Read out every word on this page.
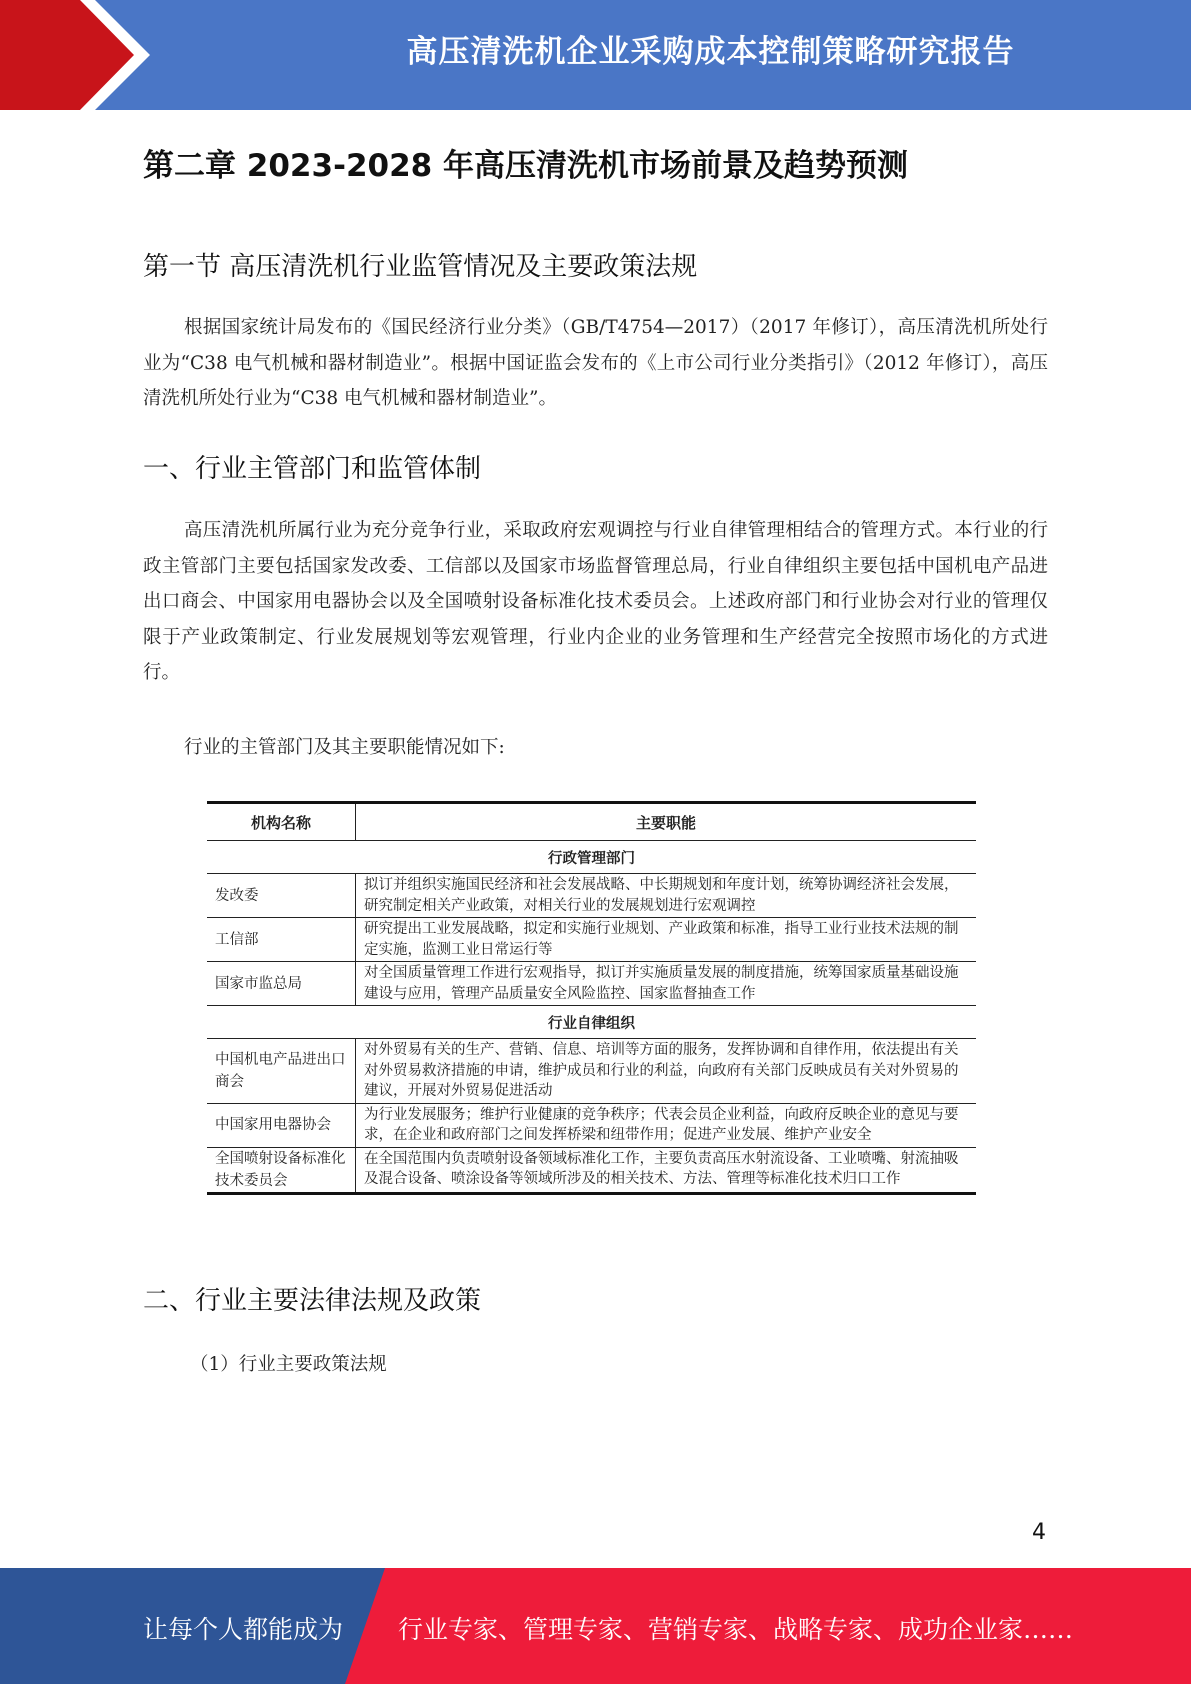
高压清洗机企业采购成本控制策略研究报告
第二章 2023-2028 年高压清洗机市场前景及趋势预测
第一节 高压清洗机行业监管情况及主要政策法规
根据国家统计局发布的《国民经济行业分类》（GB/T4754—2017）（2017 年修订），高压清洗机所处行业为“C38 电气机械和器材制造业”。根据中国证监会发布的《上市公司行业分类指引》（2012 年修订），高压清洗机所处行业为“C38 电气机械和器材制造业”。
一、行业主管部门和监管体制
高压清洗机所属行业为充分竞争行业，采取政府宏观调控与行业自律管理相结合的管理方式。本行业的行政主管部门主要包括国家发改委、工信部以及国家市场监督管理总局，行业自律组织主要包括中国机电产品进出口商会、中国家用电器协会以及全国喷射设备标准化技术委员会。上述政府部门和行业协会对行业的管理仅限于产业政策制定、行业发展规划等宏观管理，行业内企业的业务管理和生产经营完全按照市场化的方式进行。
行业的主管部门及其主要职能情况如下:
机构名称	主要职能
行政管理部门	
发改委	拟订并组织实施国民经济和社会发展战略、中长期规划和年度计划，统筹协调经济社会发展，研究制定相关产业政策，对相关行业的发展规划进行宏观调控
工信部	研究提出工业发展战略，拟定和实施行业规划、产业政策和标准，指导工业行业技术法规的制定实施，监测工业日常运行等
国家市监总局	对全国质量管理工作进行宏观指导，拟订并实施质量发展的制度措施，统筹国家质量基础设施建设与应用，管理产品质量安全风险监控、国家监督抽查工作
行业自律组织	
中国机电产品进出口商会	对外贸易有关的生产、营销、信息、培训等方面的服务，发挥协调和自律作用，依法提出有关对外贸易救济措施的申请，维护成员和行业的利益，向政府有关部门反映成员有关对外贸易的建议，开展对外贸易促进活动
中国家用电器协会	为行业发展服务；维护行业健康的竞争秩序；代表会员企业利益，向政府反映企业的意见与要求，在企业和政府部门之间发挥桥梁和纽带作用；促进产业发展、维护产业安全
全国喷射设备标准化技术委员会	在全国范围内负责喷射设备领域标准化工作，主要负责高压水射流设备、工业喷嘴、射流抽吸及混合设备、喷涂设备等领域所涉及的相关技术、方法、管理等标准化技术归口工作
二、行业主要法律法规及政策
（1）行业主要政策法规
4
让每个人都能成为 行业专家、管理专家、营销专家、战略专家、成功企业家……
